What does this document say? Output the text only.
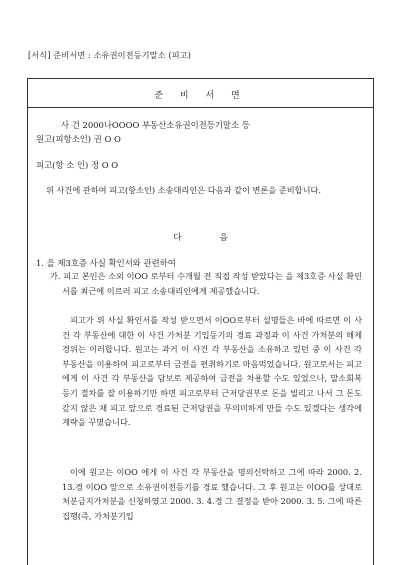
[서식] 준비서면 : 소유권이전등기말소 (피고)
준 비 서 면
사 건 2000나OOOO 부동산소유권이전등기말소 등
원고(피항소인) 권 O O
피고(항 소 인) 정 O O
위 사건에 관하여 피고(항소인) 소송대리인은 다음과 같이 변론을 준비합니다.
다	음
1. 을 제3호증 사실 확인서와 관련하여
가. 피고 본인은 소외 이OO 로부터 수개월 전 직접 작성 받았다는 을 제3호증 사실 확인서를 최근에 이르러 피고 소송대리인에게 제공했습니다.
피고가 위 사실 확인서를 작성 받으면서 이OO로부터 설명들은 바에 따르면 이 사건 각 부동산에 대한 이 사건 가처분 기입등기의 경료 과정과 이 사건 가처분의 해제 경위는 이러합니다. 원고는 과거 이 사건 각 부동산을 소유하고 있던 중 이 사건 각 부동산을 이용하여 피고로부터 금전을 편취하기로 마음먹었습니다. 원고로서는 피고에게 이 사건 각 부동산을 담보로 제공하여 금전을 차용할 수도 있었으나, 말소회복등기 절차를 잘 이용하기만 하면 피고로부터 근저당권부로 돈을 빌리고 나서 그 돈도 갚지 않은 채 피고 앞으로 경료된 근저당권을 무의미하게 만들 수도 있겠다는 생각에 계략을 꾸몄습니다.
이에 원고는 이OO 에게 이 사건 각 부동산을 명의신탁하고 그에 따라 2000. 2. 13.경 이OO 앞으로 소유권이전등기를 경료 했습니다. 그 후 원고는 이OO를 상대로 처분금지가처분을 신청하였고 2000. 3. 4.경 그 결정을 받아 2000. 3. 5. 그에 따른 집행(즉, 가처분기입
